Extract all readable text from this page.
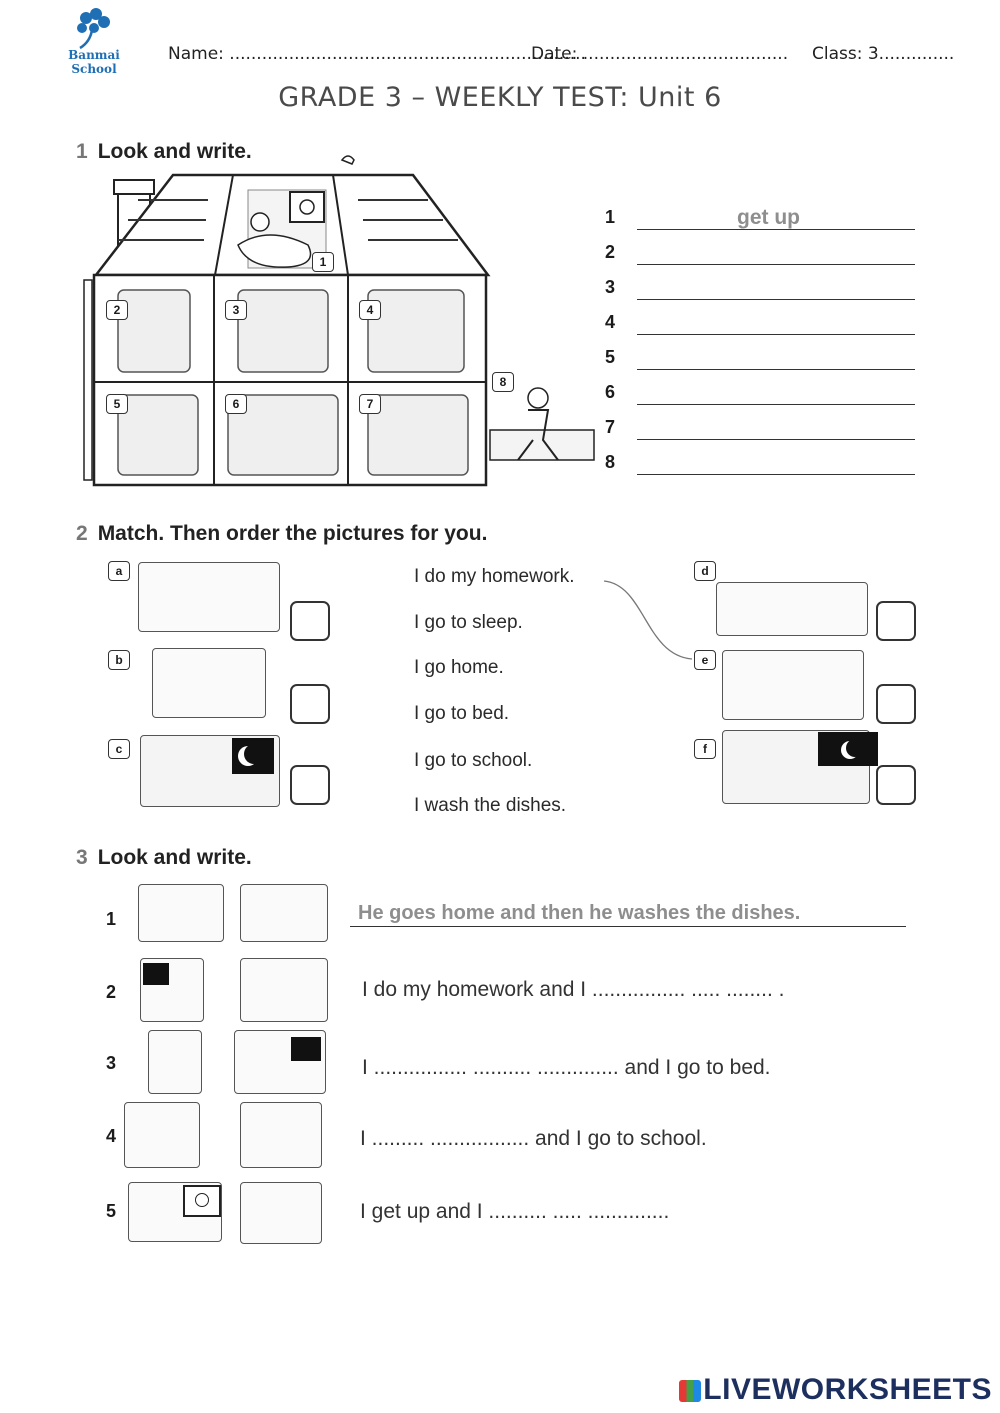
Banmai School
Name: ..................................................................
Date: ...................................... Class: 3..............
GRADE 3 – WEEKLY TEST: Unit 6
1 Look and write.
1
2	3	4
5	6	7
8
1	get up
2
3
4
5
6
7
8
2 Match. Then order the pictures for you.
a
b
c
I do my homework.
I go to sleep.
I go home.
I go to bed.
I go to school.
I wash the dishes.
d
e
f
3 Look and write.
1	He goes home and then he washes the dishes.
2	I do my homework and I ................ ..... ........ .
3	I ................ .......... .............. and I go to bed.
4	I ......... ................. and I go to school.
5	I get up and I .......... ..... ..............
LIVEWORKSHEETS
